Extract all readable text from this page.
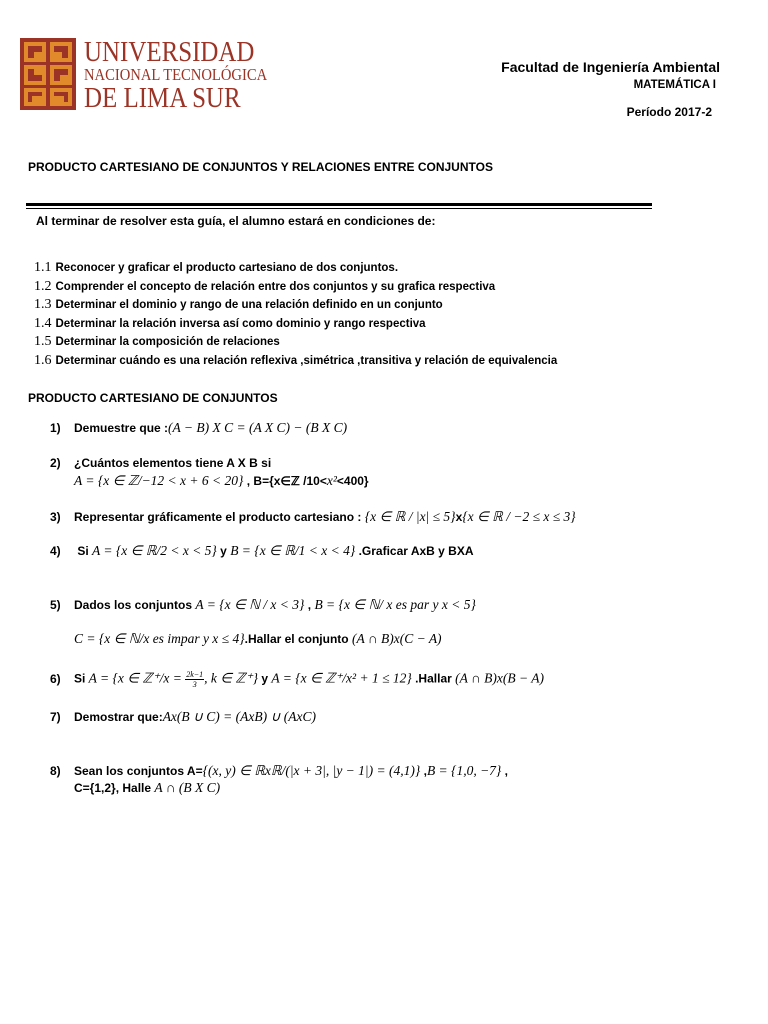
UNIVERSIDAD
NACIONAL TECNOLÓGICA
DE LIMA SUR
Facultad de Ingeniería Ambiental
MATEMÁTICA I
Período 2017-2
PRODUCTO CARTESIANO DE CONJUNTOS Y RELACIONES ENTRE CONJUNTOS
Al terminar de resolver esta guía, el alumno estará en condiciones de:
1.1 Reconocer y graficar el producto cartesiano de dos conjuntos.
1.2 Comprender el concepto de relación entre dos conjuntos y su grafica respectiva
1.3 Determinar el dominio y rango de una relación definido en un conjunto
1.4 Determinar la relación inversa así como dominio y rango respectiva
1.5 Determinar la composición de relaciones
1.6 Determinar cuándo es una relación reflexiva ,simétrica ,transitiva y relación de equivalencia
PRODUCTO CARTESIANO DE CONJUNTOS
1) Demuestre que :(A − B) X C = (A X C) − (B X C)
2) ¿Cuántos elementos tiene A X B si
A = {x ∈ ℤ/−12 < x + 6 < 20} , B={x∈ℤ /10<x²<400}
3) Representar gráficamente el producto cartesiano : {x ∈ ℝ / |x| ≤ 5}x{x ∈ ℝ / −2 ≤ x ≤ 3}
4) Si A = {x ∈ ℝ/2 < x < 5} y B = {x ∈ ℝ/1 < x < 4} .Graficar AxB y BXA
5) Dados los conjuntos A = {x ∈ ℕ / x < 3} , B = {x ∈ ℕ/ x es par y x < 5}
C = {x ∈ ℕ/x es impar y x ≤ 4}.Hallar el conjunto (A ∩ B)x(C − A)
6) Si A = {x ∈ ℤ⁺/x = $\frac{2k-1}{3}$ , k ∈ ℤ⁺} y A = {x ∈ ℤ⁺/x² + 1 ≤ 12} .Hallar (A ∩ B)x(B − A)
7) Demostrar que:Ax(B ∪ C) = (AxB) ∪ (AxC)
8) Sean los conjuntos A={(x, y) ∈ ℝxℝ/(|x + 3|, |y − 1|) = (4,1)} ,B = {1,0, −7} ,
C={1,2}, Halle A ∩ (B X C)
